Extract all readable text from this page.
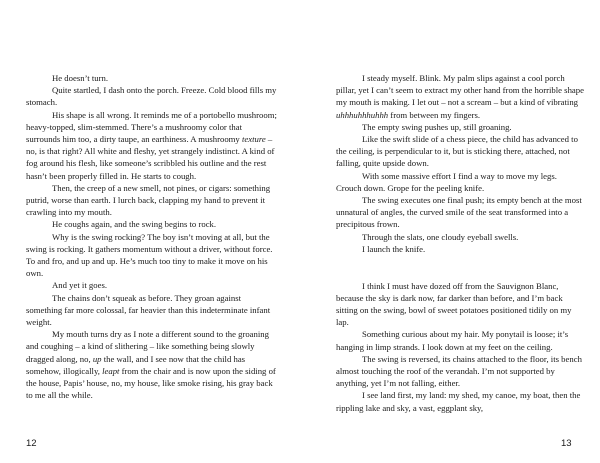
He doesn’t turn.

Quite startled, I dash onto the porch. Freeze. Cold blood fills my stomach.

His shape is all wrong. It reminds me of a portobello mushroom; heavy-topped, slim-stemmed. There’s a mushroomy color that surrounds him too, a dirty taupe, an earthiness. A mushroomy texture – no, is that right? All white and fleshy, yet strangely indistinct. A kind of fog around his flesh, like someone’s scribbled his outline and the rest hasn’t been properly filled in. He starts to cough.

Then, the creep of a new smell, not pines, or cigars: something putrid, worse than earth. I lurch back, clapping my hand to prevent it crawling into my mouth.

He coughs again, and the swing begins to rock.

Why is the swing rocking? The boy isn’t moving at all, but the swing is rocking. It gathers momentum without a driver, without force. To and fro, and up and up. He’s much too tiny to make it move on his own.

And yet it goes.

The chains don’t squeak as before. They groan against something far more colossal, far heavier than this indeterminate infant weight.

My mouth turns dry as I note a different sound to the groaning and coughing – a kind of slithering – like something being slowly dragged along, no, up the wall, and I see now that the child has somehow, illogically, leapt from the chair and is now upon the siding of the house, Papis’ house, no, my house, like smoke rising, his gray back to me all the while.

12

I steady myself. Blink. My palm slips against a cool porch pillar, yet I can’t seem to extract my other hand from the horrible shape my mouth is making. I let out – not a scream – but a kind of vibrating uhhhuhhhuhhh from between my fingers.

The empty swing pushes up, still groaning.

Like the swift slide of a chess piece, the child has advanced to the ceiling, is perpendicular to it, but is sticking there, attached, not falling, quite upside down.

With some massive effort I find a way to move my legs. Crouch down. Grope for the peeling knife.

The swing executes one final push; its empty bench at the most unnatural of angles, the curved smile of the seat transformed into a precipitous frown.

Through the slats, one cloudy eyeball swells.

I launch the knife.

I think I must have dozed off from the Sauvignon Blanc, because the sky is dark now, far darker than before, and I’m back sitting on the swing, bowl of sweet potatoes positioned tidily on my lap.

Something curious about my hair. My ponytail is loose; it’s hanging in limp strands. I look down at my feet on the ceiling.

The swing is reversed, its chains attached to the floor, its bench almost touching the roof of the verandah. I’m not supported by anything, yet I’m not falling, either.

I see land first, my land: my shed, my canoe, my boat, then the rippling lake and sky, a vast, eggplant sky,

13
